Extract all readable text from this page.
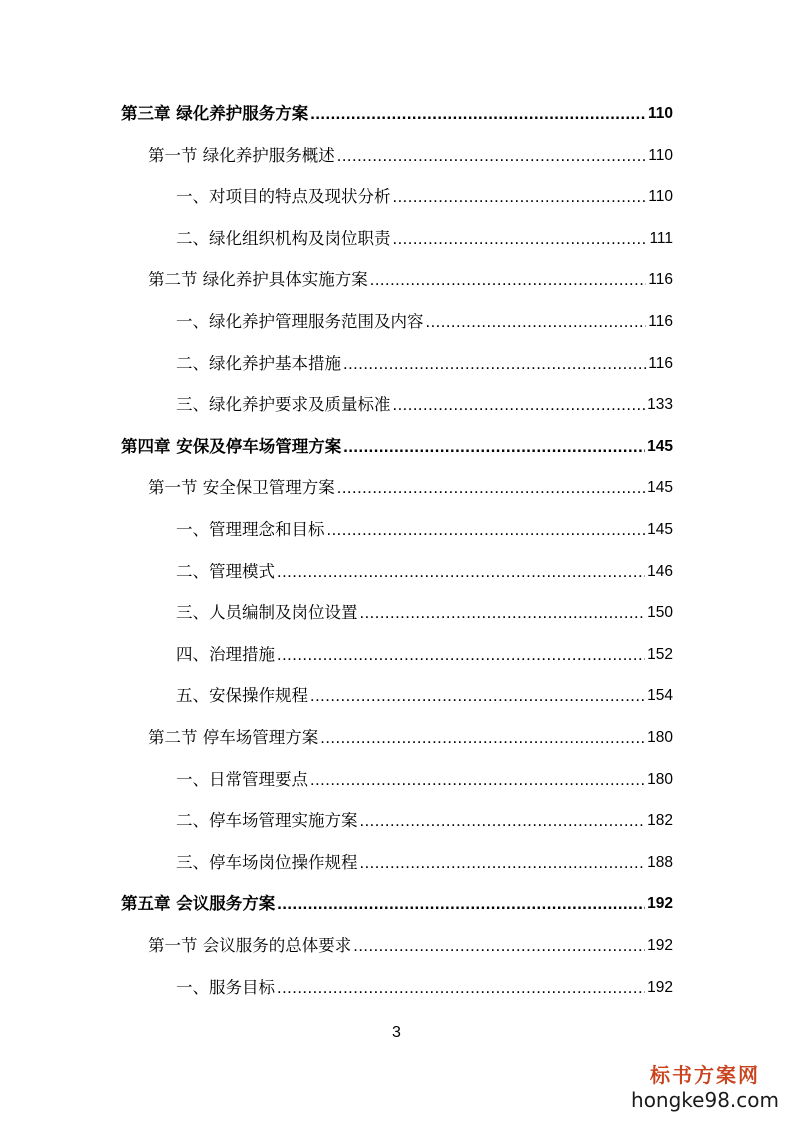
第三章 绿化养护服务方案 .....	110
第一节 绿化养护服务概述 .....	110
一、对项目的特点及现状分析 .....	110
二、绿化组织机构及岗位职责 .....	111
第二节 绿化养护具体实施方案 .....	116
一、绿化养护管理服务范围及内容 .....	116
二、绿化养护基本措施 .....	116
三、绿化养护要求及质量标准 .....	133
第四章 安保及停车场管理方案 .....	145
第一节 安全保卫管理方案 .....	145
一、管理理念和目标 .....	145
二、管理模式 .....	146
三、人员编制及岗位设置 .....	150
四、治理措施 .....	152
五、安保操作规程 .....	154
第二节 停车场管理方案 .....	180
一、日常管理要点 .....	180
二、停车场管理实施方案 .....	182
三、停车场岗位操作规程 .....	188
第五章 会议服务方案 .....	192
第一节 会议服务的总体要求 .....	192
一、服务目标 .....	192
3
标书方案网
hongke98.com
